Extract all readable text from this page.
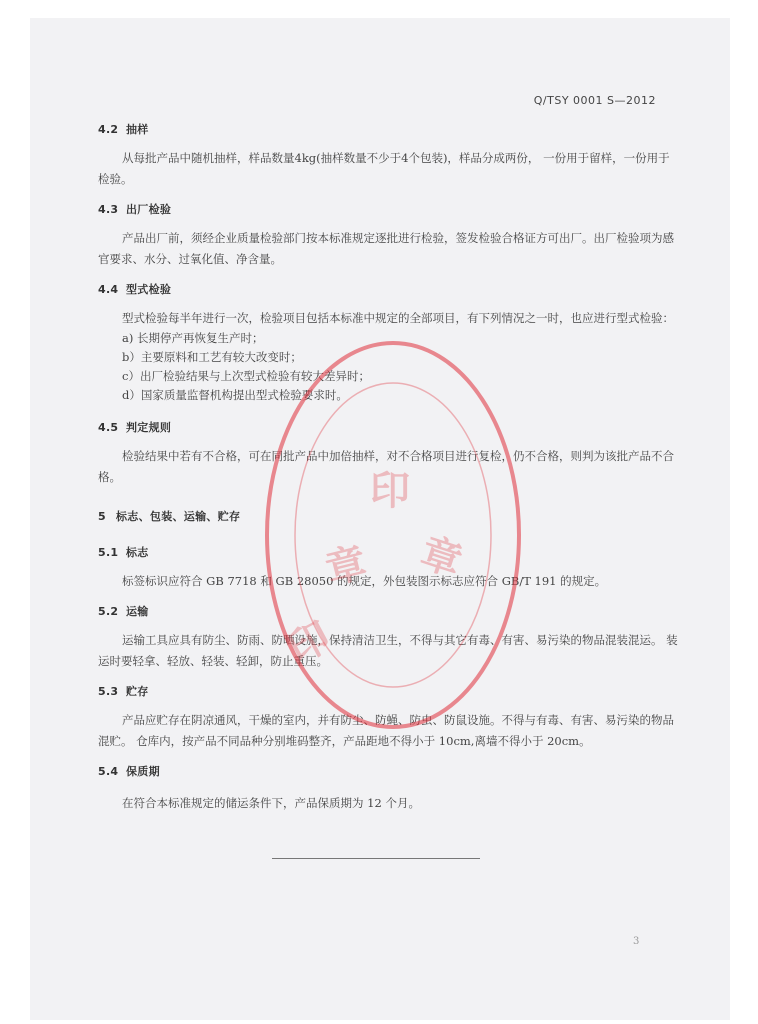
Q/TSY 0001 S—2012
4.2 抽样

从每批产品中随机抽样，样品数量4kg(抽样数量不少于4个包装)，样品分成两份， 一份用于留样，一份用于检验。

4.3 出厂检验

产品出厂前，须经企业质量检验部门按本标准规定逐批进行检验，签发检验合格证方可出厂。出厂检验项为感官要求、水分、过氧化值、净含量。

4.4 型式检验

型式检验每半年进行一次，检验项目包括本标准中规定的全部项目，有下列情况之一时，也应进行型式检验：

a) 长期停产再恢复生产时；

b）主要原料和工艺有较大改变时；

c）出厂检验结果与上次型式检验有较大差异时；

d）国家质量监督机构提出型式检验要求时。

4.5 判定规则

检验结果中若有不合格，可在同批产品中加倍抽样，对不合格项目进行复检，仍不合格，则判为该批产品不合格。

5 标志、包装、运输、贮存
5.1 标志

标签标识应符合 GB 7718 和 GB 28050 的规定，外包装图示标志应符合 GB/T 191 的规定。

5.2 运输

运输工具应具有防尘、防雨、防晒设施，保持清洁卫生，不得与其它有毒、有害、易污染的物品混装混运。 装运时要轻拿、轻放、轻装、轻卸，防止重压。

5.3 贮存

产品应贮存在阴凉通风，干燥的室内，并有防尘、防蝇、防虫、防鼠设施。不得与有毒、有害、易污染的物品混贮。 仓库内，按产品不同品种分别堆码整齐，产品距地不得小于 10cm,离墙不得小于 20cm。

5.4 保质期

在符合本标准规定的储运条件下，产品保质期为 12 个月。

印
章
印
章
3
